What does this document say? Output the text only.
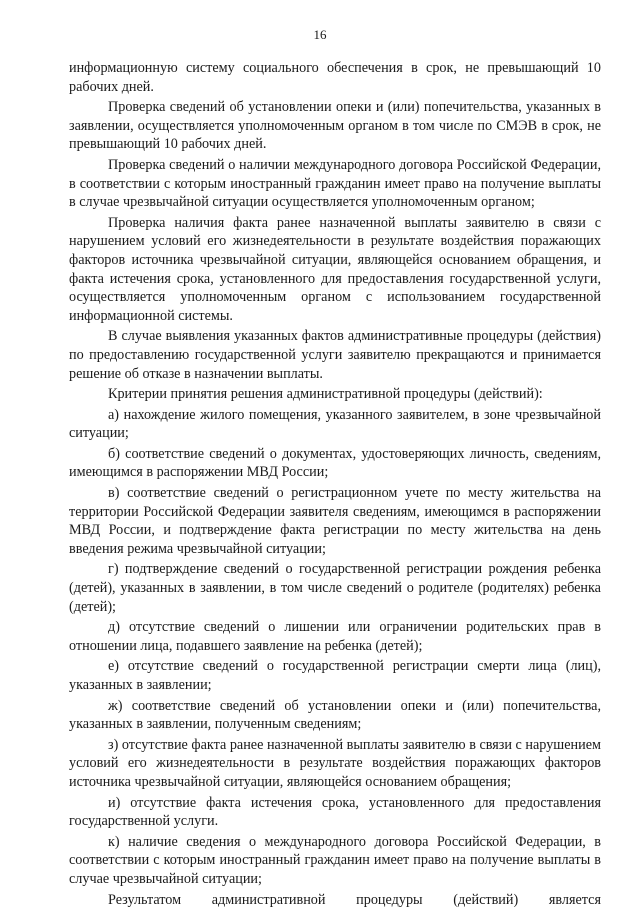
16

информационную систему социального обеспечения в срок, не превышающий 10 рабочих дней.

Проверка сведений об установлении опеки и (или) попечительства, указанных в заявлении, осуществляется уполномоченным органом в том числе по СМЭВ в срок, не превышающий 10 рабочих дней.

Проверка сведений о наличии международного договора Российской Федерации, в соответствии с которым иностранный гражданин имеет право на получение выплаты в случае чрезвычайной ситуации осуществляется уполномоченным органом;

Проверка наличия факта ранее назначенной выплаты заявителю в связи с нарушением условий его жизнедеятельности в результате воздействия поражающих факторов источника чрезвычайной ситуации, являющейся основанием обращения, и факта истечения срока, установленного для предоставления государственной услуги, осуществляется уполномоченным органом с использованием государственной информационной системы.

В случае выявления указанных фактов административные процедуры (действия) по предоставлению государственной услуги заявителю прекращаются и принимается решение об отказе в назначении выплаты.

Критерии принятия решения административной процедуры (действий):

а) нахождение жилого помещения, указанного заявителем, в зоне чрезвычайной ситуации;

б) соответствие сведений о документах, удостоверяющих личность, сведениям, имеющимся в распоряжении МВД России;

в) соответствие сведений о регистрационном учете по месту жительства на территории Российской Федерации заявителя сведениям, имеющимся в распоряжении МВД России, и подтверждение факта регистрации по месту жительства на день введения режима чрезвычайной ситуации;

г) подтверждение сведений о государственной регистрации рождения ребенка (детей), указанных в заявлении, в том числе сведений о родителе (родителях) ребенка (детей);

д) отсутствие сведений о лишении или ограничении родительских прав в отношении лица, подавшего заявление на ребенка (детей);

е) отсутствие сведений о государственной регистрации смерти лица (лиц), указанных в заявлении;

ж) соответствие сведений об установлении опеки и (или) попечительства, указанных в заявлении, полученным сведениям;

з) отсутствие факта ранее назначенной выплаты заявителю в связи с нарушением условий его жизнедеятельности в результате воздействия поражающих факторов источника чрезвычайной ситуации, являющейся основанием обращения;

и) отсутствие факта истечения срока, установленного для предоставления государственной услуги.

к) наличие сведения о международного договора Российской Федерации, в соответствии с которым иностранный гражданин имеет право на получение выплаты в случае чрезвычайной ситуации;

Результатом административной процедуры (действий) является
